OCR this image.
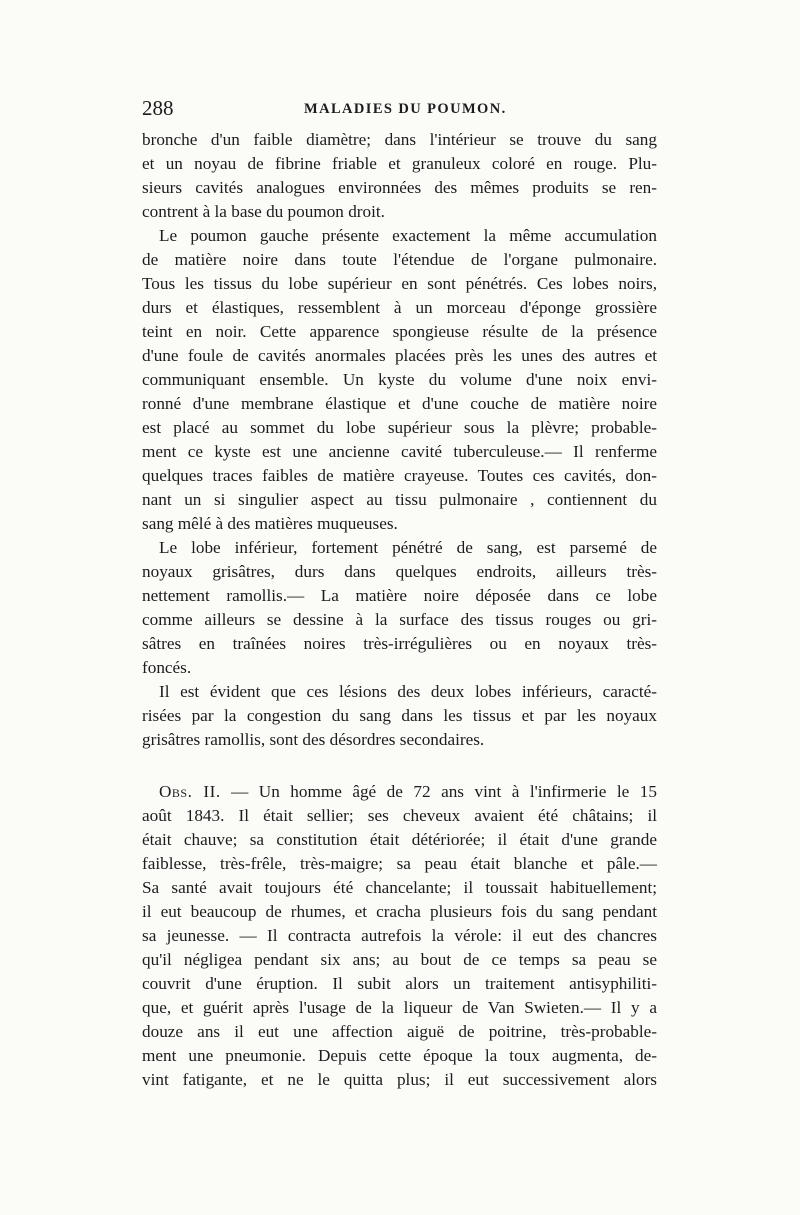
288	MALADIES DU POUMON.
bronche d'un faible diamètre; dans l'intérieur se trouve du sang
et un noyau de fibrine friable et granuleux coloré en rouge. Plu-
sieurs cavités analogues environnées des mêmes produits se ren-
contrent à la base du poumon droit.
Le poumon gauche présente exactement la même accumulation
de matière noire dans toute l'étendue de l'organe pulmonaire.
Tous les tissus du lobe supérieur en sont pénétrés. Ces lobes noirs,
durs et élastiques, ressemblent à un morceau d'éponge grossière
teint en noir. Cette apparence spongieuse résulte de la présence
d'une foule de cavités anormales placées près les unes des autres et
communiquant ensemble. Un kyste du volume d'une noix envi-
ronné d'une membrane élastique et d'une couche de matière noire
est placé au sommet du lobe supérieur sous la plèvre; probable-
ment ce kyste est une ancienne cavité tuberculeuse.— Il renferme
quelques traces faibles de matière crayeuse. Toutes ces cavités, don-
nant un si singulier aspect au tissu pulmonaire , contiennent du
sang mêlé à des matières muqueuses.
Le lobe inférieur, fortement pénétré de sang, est parsemé de
noyaux grisâtres, durs dans quelques endroits, ailleurs très-
nettement ramollis.— La matière noire déposée dans ce lobe
comme ailleurs se dessine à la surface des tissus rouges ou gri-
sâtres en traînées noires très-irrégulières ou en noyaux très-
foncés.
Il est évident que ces lésions des deux lobes inférieurs, caracté-
risées par la congestion du sang dans les tissus et par les noyaux
grisâtres ramollis, sont des désordres secondaires.
Obs. II. — Un homme âgé de 72 ans vint à l'infirmerie le 15
août 1843. Il était sellier; ses cheveux avaient été châtains; il
était chauve; sa constitution était détériorée; il était d'une grande
faiblesse, très-frêle, très-maigre; sa peau était blanche et pâle.—
Sa santé avait toujours été chancelante; il toussait habituellement;
il eut beaucoup de rhumes, et cracha plusieurs fois du sang pendant
sa jeunesse. — Il contracta autrefois la vérole: il eut des chancres
qu'il négligea pendant six ans; au bout de ce temps sa peau se
couvrit d'une éruption. Il subit alors un traitement antisyphiliti-
que, et guérit après l'usage de la liqueur de Van Swieten.— Il y a
douze ans il eut une affection aiguë de poitrine, très-probable-
ment une pneumonie. Depuis cette époque la toux augmenta, de-
vint fatigante, et ne le quitta plus; il eut successivement alors
